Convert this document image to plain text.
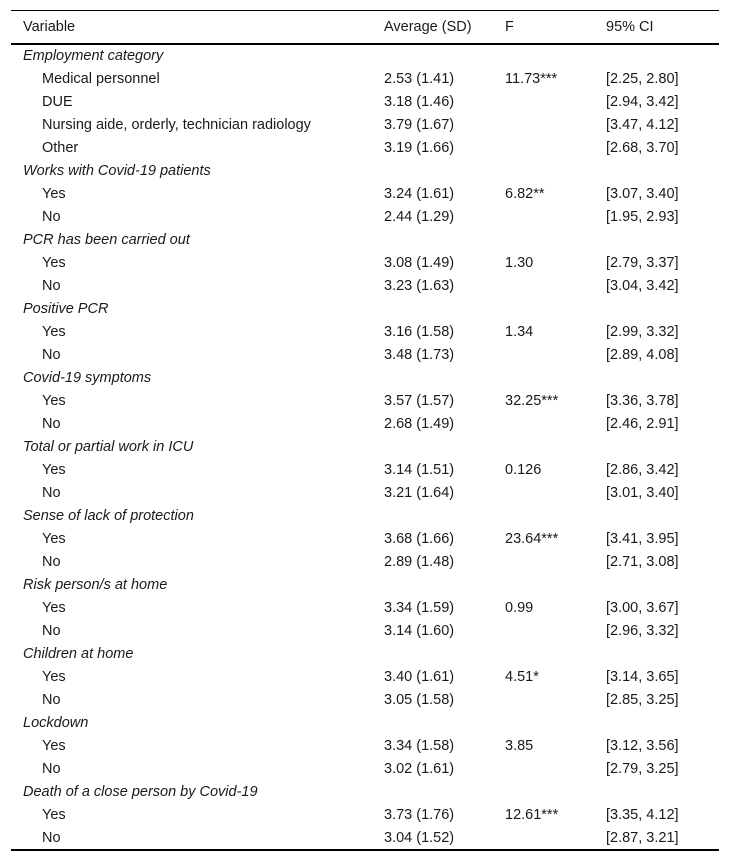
Variable	Average (SD)	F	95% CI
Employment category			
Medical personnel	2.53 (1.41)	11.73***	[2.25, 2.80]
DUE	3.18 (1.46)		[2.94, 3.42]
Nursing aide, orderly, technician radiology	3.79 (1.67)		[3.47, 4.12]
Other	3.19 (1.66)		[2.68, 3.70]
Works with Covid-19 patients			
Yes	3.24 (1.61)	6.82**	[3.07, 3.40]
No	2.44 (1.29)		[1.95, 2.93]
PCR has been carried out			
Yes	3.08 (1.49)	1.30	[2.79, 3.37]
No	3.23 (1.63)		[3.04, 3.42]
Positive PCR			
Yes	3.16 (1.58)	1.34	[2.99, 3.32]
No	3.48 (1.73)		[2.89, 4.08]
Covid-19 symptoms			
Yes	3.57 (1.57)	32.25***	[3.36, 3.78]
No	2.68 (1.49)		[2.46, 2.91]
Total or partial work in ICU			
Yes	3.14 (1.51)	0.126	[2.86, 3.42]
No	3.21 (1.64)		[3.01, 3.40]
Sense of lack of protection			
Yes	3.68 (1.66)	23.64***	[3.41, 3.95]
No	2.89 (1.48)		[2.71, 3.08]
Risk person/s at home			
Yes	3.34 (1.59)	0.99	[3.00, 3.67]
No	3.14 (1.60)		[2.96, 3.32]
Children at home			
Yes	3.40 (1.61)	4.51*	[3.14, 3.65]
No	3.05 (1.58)		[2.85, 3.25]
Lockdown			
Yes	3.34 (1.58)	3.85	[3.12, 3.56]
No	3.02 (1.61)		[2.79, 3.25]
Death of a close person by Covid-19			
Yes	3.73 (1.76)	12.61***	[3.35, 4.12]
No	3.04 (1.52)		[2.87, 3.21]
